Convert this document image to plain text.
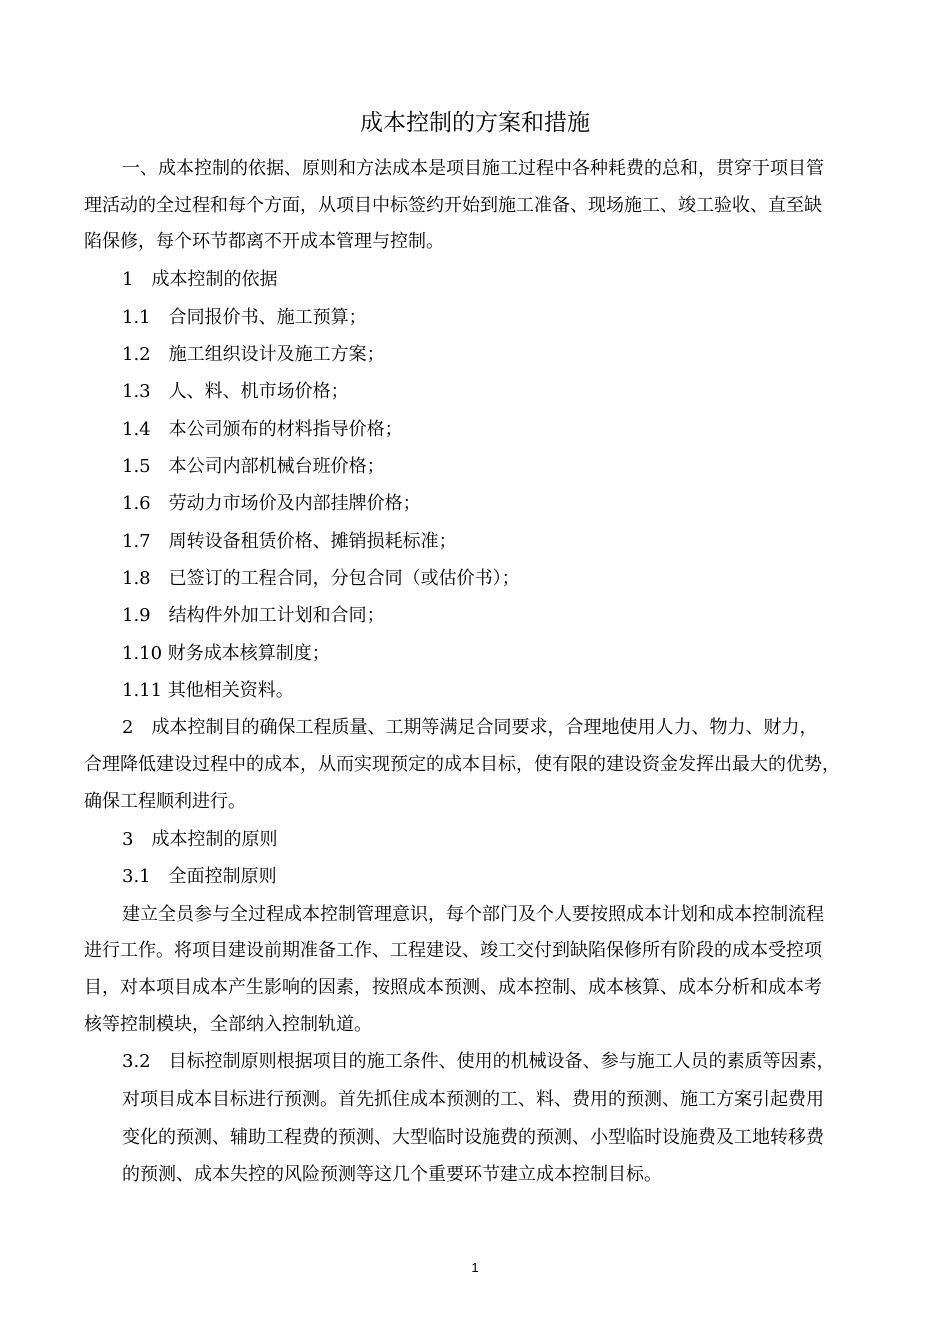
成本控制的方案和措施
一、成本控制的依据、原则和方法成本是项目施工过程中各种耗费的总和，贯穿于项目管
理活动的全过程和每个方面，从项目中标签约开始到施工准备、现场施工、竣工验收、直至缺
陷保修，每个环节都离不开成本管理与控制。
1　成本控制的依据
1.1　合同报价书、施工预算；
1.2　施工组织设计及施工方案；
1.3　人、料、机市场价格；
1.4　本公司颁布的材料指导价格；
1.5　本公司内部机械台班价格；
1.6　劳动力市场价及内部挂牌价格；
1.7　周转设备租赁价格、摊销损耗标准；
1.8　已签订的工程合同，分包合同（或估价书）；
1.9　结构件外加工计划和合同；
1.10 财务成本核算制度；
1.11 其他相关资料。
2　成本控制目的确保工程质量、工期等满足合同要求，合理地使用人力、物力、财力，
合理降低建设过程中的成本，从而实现预定的成本目标，使有限的建设资金发挥出最大的优势，
确保工程顺利进行。
3　成本控制的原则
3.1　全面控制原则
建立全员参与全过程成本控制管理意识，每个部门及个人要按照成本计划和成本控制流程
进行工作。将项目建设前期准备工作、工程建设、竣工交付到缺陷保修所有阶段的成本受控项
目，对本项目成本产生影响的因素，按照成本预测、成本控制、成本核算、成本分析和成本考
核等控制模块，全部纳入控制轨道。
3.2　目标控制原则根据项目的施工条件、使用的机械设备、参与施工人员的素质等因素，
对项目成本目标进行预测。首先抓住成本预测的工、料、费用的预测、施工方案引起费用
变化的预测、辅助工程费的预测、大型临时设施费的预测、小型临时设施费及工地转移费
的预测、成本失控的风险预测等这几个重要环节建立成本控制目标。
1
